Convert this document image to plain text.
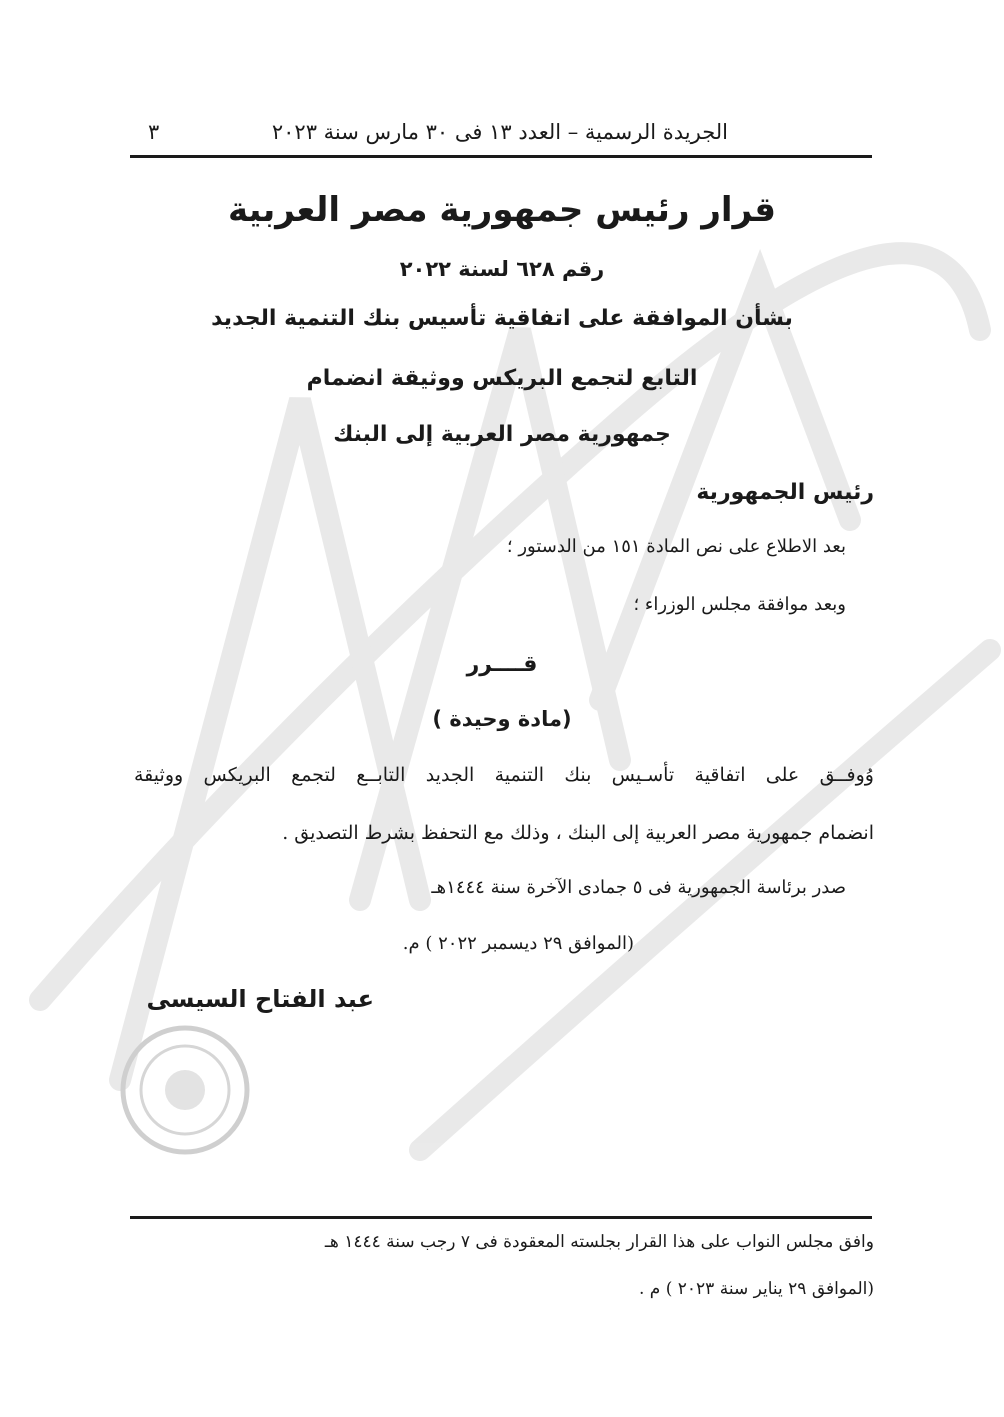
٣	الجريدة الرسمية – العدد ١٣ فى ٣٠ مارس سنة ٢٠٢٣
قرار رئيس جمهورية مصر العربية
رقم ٦٢٨ لسنة ٢٠٢٢
بشأن الموافقة على اتفاقية تأسيس بنك التنمية الجديد
التابع لتجمع البريكس ووثيقة انضمام
جمهورية مصر العربية إلى البنك
رئيس الجمهورية
بعد الاطلاع على نص المادة ١٥١ من الدستور ؛
وبعد موافقة مجلس الوزراء ؛
قــــرر
(مادة وحيدة )
وُوفــق على اتفاقية تأسـيس بنك التنمية الجديد التابــع لتجمع البريكس ووثيقة
انضمام جمهورية مصر العربية إلى البنك ، وذلك مع التحفظ بشرط التصديق .
صدر برئاسة الجمهورية فى ٥ جمادى الآخرة سنة ١٤٤٤هـ
(الموافق ٢٩ ديسمبر ٢٠٢٢ ) م.
عبد الفتاح السيسى
وافق مجلس النواب على هذا القرار بجلسته المعقودة فى ٧ رجب سنة ١٤٤٤ هـ
(الموافق ٢٩ يناير سنة ٢٠٢٣ ) م .
